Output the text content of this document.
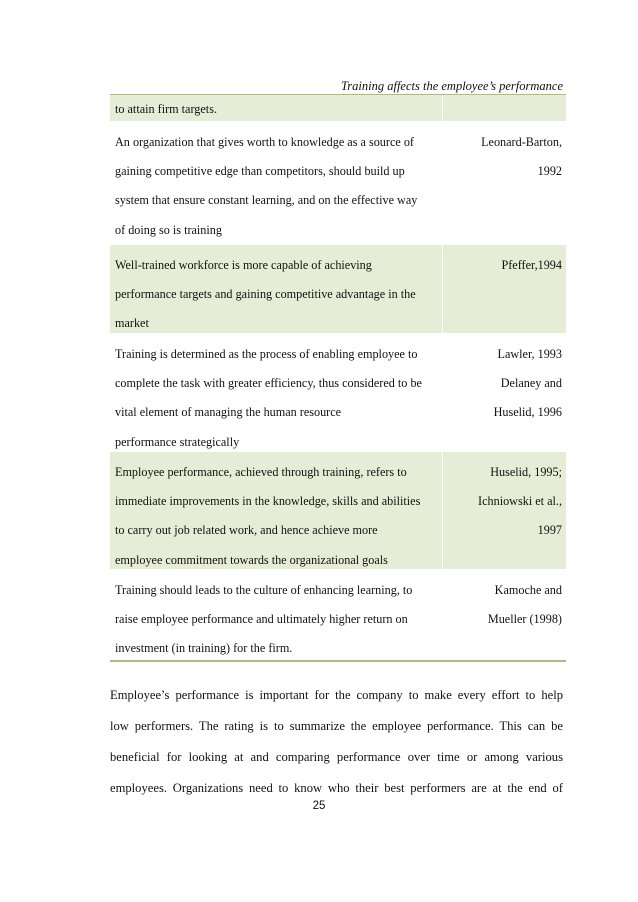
Training affects the employee’s performance
to attain firm targets.
An organization that gives worth to knowledge as a source of
gaining competitive edge than competitors, should build up
system that ensure constant learning, and on the effective way
of doing so is training
Leonard-Barton,
1992
Well-trained workforce is more capable of achieving
performance targets and gaining competitive advantage in the
market
Pfeffer,1994
Training is determined as the process of enabling employee to
complete the task with greater efficiency, thus considered to be
vital element of managing the human resource
performance strategically
Lawler, 1993
Delaney and
Huselid, 1996
Employee performance, achieved through training, refers to
immediate improvements in the knowledge, skills and abilities
to carry out job related work, and hence achieve more
employee commitment towards the organizational goals
Huselid, 1995;
Ichniowski et al.,
1997
Training should leads to the culture of enhancing learning, to
raise employee performance and ultimately higher return on
investment (in training) for the firm.
Kamoche and
Mueller (1998)
Employee’s performance is important for the company to make every effort to help
low performers. The rating is to summarize the employee performance. This can be
beneficial for looking at and comparing performance over time or among various
employees. Organizations need to know who their best performers are at the end of
25
